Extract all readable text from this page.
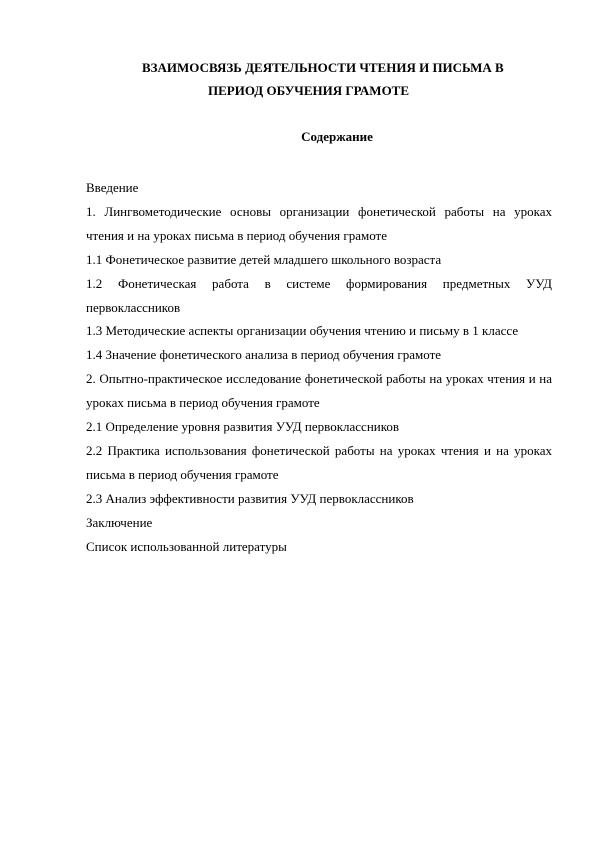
ВЗАИМОСВЯЗЬ ДЕЯТЕЛЬНОСТИ ЧТЕНИЯ И ПИСЬМА В
ПЕРИОД ОБУЧЕНИЯ ГРАМОТЕ
Содержание
Введение
1. Лингвометодические основы организации фонетической работы на уроках чтения и на уроках письма в период обучения грамоте
1.1 Фонетическое развитие детей младшего школьного возраста
1.2 Фонетическая работа в системе формирования предметных УУД первоклассников
1.3 Методические аспекты организации обучения чтению и письму в 1 классе
1.4 Значение фонетического анализа в период обучения грамоте
2. Опытно-практическое исследование фонетической работы на уроках чтения и на уроках письма в период обучения грамоте
2.1 Определение уровня развития УУД первоклассников
2.2 Практика использования фонетической работы на уроках чтения и на уроках письма в период обучения грамоте
2.3 Анализ эффективности развития УУД первоклассников
Заключение
Список использованной литературы
